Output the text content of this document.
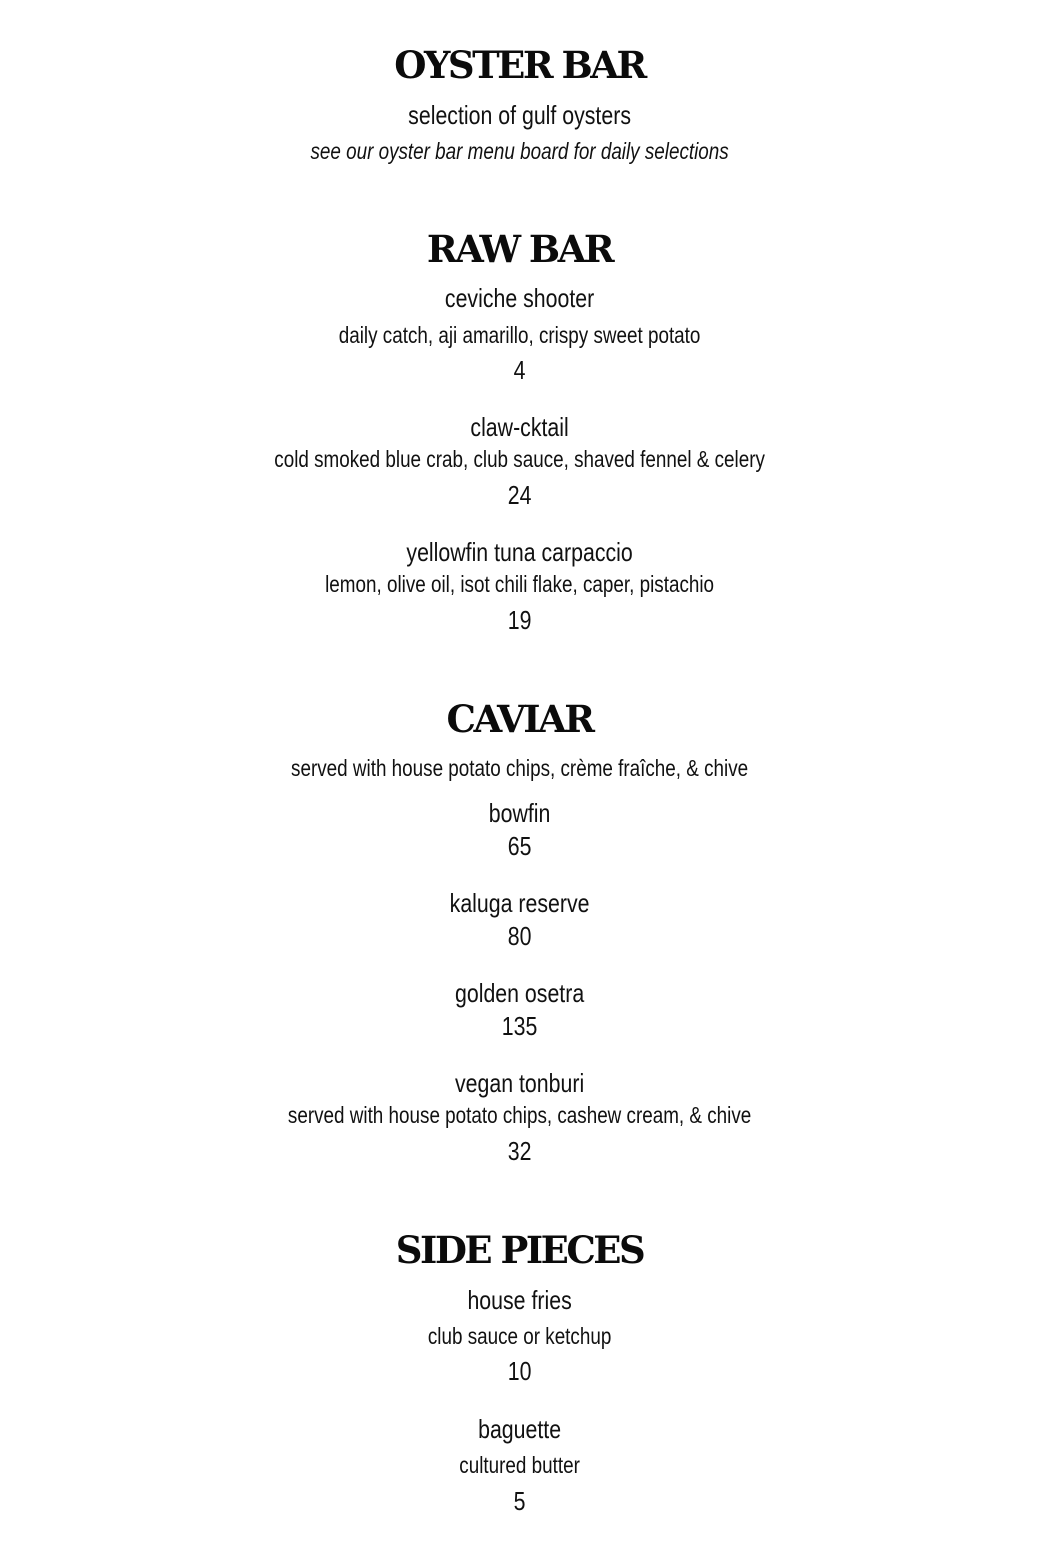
OYSTER BAR
selection of gulf oysters
see our oyster bar menu board for daily selections
RAW BAR
ceviche shooter
daily catch, aji amarillo, crispy sweet potato
4
claw-cktail
cold smoked blue crab, club sauce, shaved fennel & celery
24
yellowfin tuna carpaccio
lemon, olive oil, isot chili flake, caper, pistachio
19
CAVIAR
served with house potato chips, crème fraîche, & chive
bowfin
65
kaluga reserve
80
golden osetra
135
vegan tonburi
served with house potato chips, cashew cream, & chive
32
SIDE PIECES
house fries
club sauce or ketchup
10
baguette
cultured butter
5
